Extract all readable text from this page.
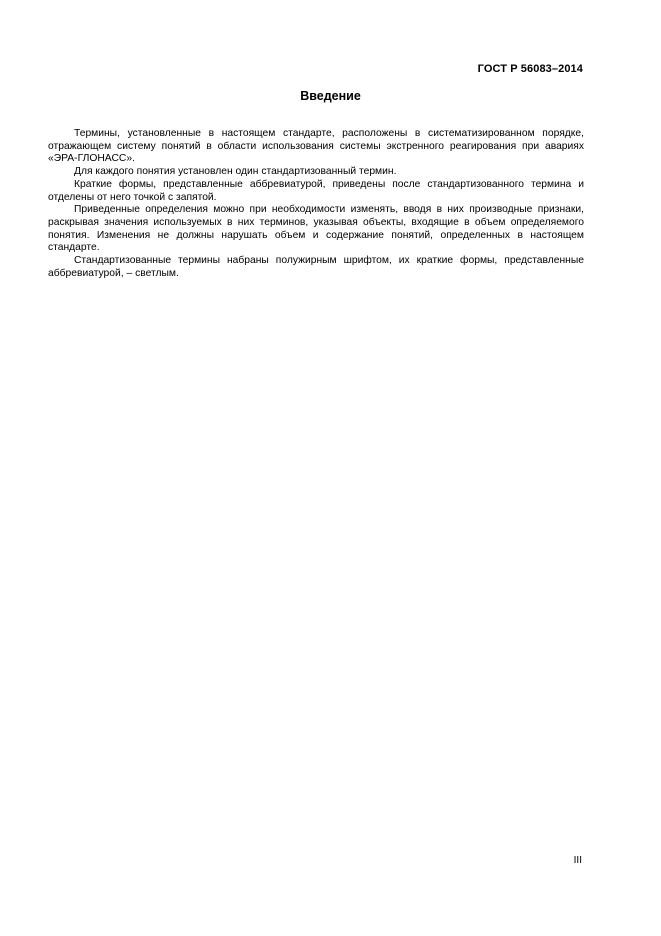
ГОСТ Р 56083–2014
Введение

Термины, установленные в настоящем стандарте, расположены в систематизированном порядке, отражающем систему понятий в области использования системы экстренного реагирования при авариях «ЭРА-ГЛОНАСС».

Для каждого понятия установлен один стандартизованный термин.

Краткие формы, представленные аббревиатурой, приведены после стандартизованного термина и отделены от него точкой с запятой.

Приведенные определения можно при необходимости изменять, вводя в них производные признаки, раскрывая значения используемых в них терминов, указывая объекты, входящие в объем определяемого понятия. Изменения не должны нарушать объем и содержание понятий, определенных в настоящем стандарте.

Стандартизованные термины набраны полужирным шрифтом, их краткие формы, представленные аббревиатурой, – светлым.

III
